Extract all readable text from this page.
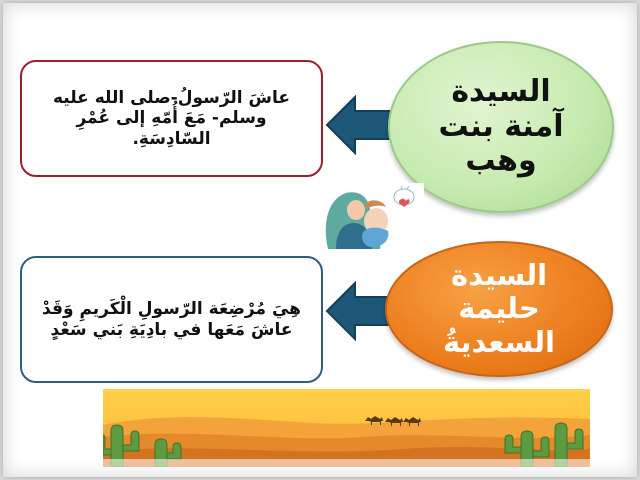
عاشَ الرّسولُ-صلى الله عليه وسلم- مَعَ أُمّهِ إلى عُمْرِ السّادِسَةِ.
السيدة آمنة بنت وهب
هِيَ مُرْضِعَة الرّسولِ الْكَريمِ وَقَدْ عاشَ مَعَها في بادِيَةِ بَني سَعْدٍ
السيدة حليمة السعديةُ
